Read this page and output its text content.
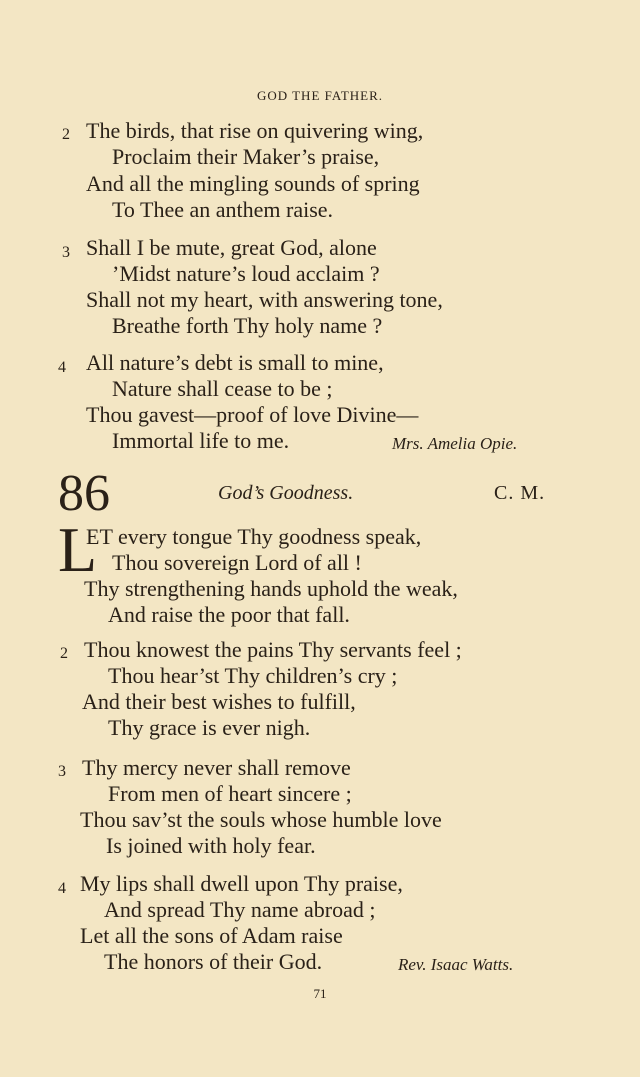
GOD THE FATHER.
2 The birds, that rise on quivering wing,
Proclaim their Maker’s praise,
And all the mingling sounds of spring
To Thee an anthem raise.
3 Shall I be mute, great God, alone
’Midst nature’s loud acclaim ?
Shall not my heart, with answering tone,
Breathe forth Thy holy name ?
4 All nature’s debt is small to mine,
Nature shall cease to be ;
Thou gavest—proof of love Divine—
Immortal life to me.	Mrs. Amelia Opie.
86	God’s Goodness.	C. M.
L
ET every tongue Thy goodness speak,
Thou sovereign Lord of all !
Thy strengthening hands uphold the weak,
And raise the poor that fall.
2 Thou knowest the pains Thy servants feel ;
Thou hear’st Thy children’s cry ;
And their best wishes to fulfill,
Thy grace is ever nigh.
3 Thy mercy never shall remove
From men of heart sincere ;
Thou sav’st the souls whose humble love
Is joined with holy fear.
4 My lips shall dwell upon Thy praise,
And spread Thy name abroad ;
Let all the sons of Adam raise
The honors of their God.	Rev. Isaac Watts.
71
